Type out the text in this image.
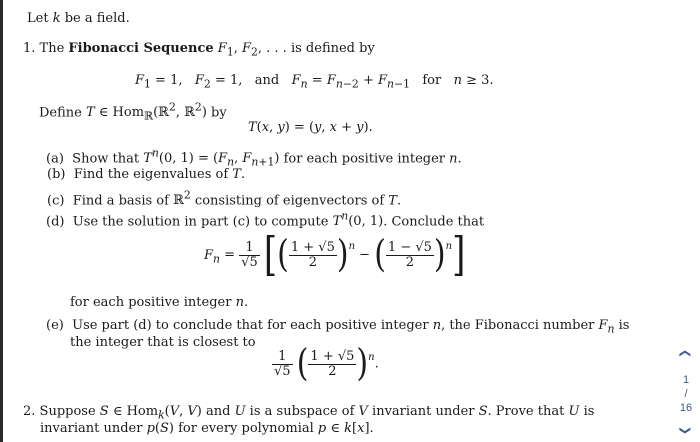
Let k be a field.
1. The Fibonacci Sequence $F_1$, $F_2$, . . . is defined by
$F_1 = 1$,   $F_2 = 1$, and $F_n = F_{n-2} + F_{n-1}$ for n ≥ 3.
Define T ∈ Hom$_ℝ$(ℝ$^2$, ℝ$^2$) by
T(x, y) = (y, x + y).
(a)  Show that $T^n(0$, $1) = (F_n$, $F_{n+1}$) for each positive integer n.
(b)  Find the eigenvalues of T.
(c) Find a basis of ℝ$^2$ consisting of eigenvectors of T.
(d)  Use the solution in part (c) to compute $T^n(0$, 1). Conclude that
$F_n = \frac{1}{√5}$ [( $\frac{1 + √5}{2} )^n$ − ( $\frac{1 - √5}{2} )^n$]
for each positive integer n.
(e)  Use part (d) to conclude that for each positive integer n, the Fibonacci number $F_n$ is
the integer that is closest to
$\frac{1}{√5}$ ( $\frac{1 + √5}{2} )^n$.
2. Suppose S ∈ Hom$_k$(V, V) and U is a subspace of V invariant under S. Prove that U is
invariant under p(S) for every polynomial p ∈ k[x].
❮
1
/
16
❯
